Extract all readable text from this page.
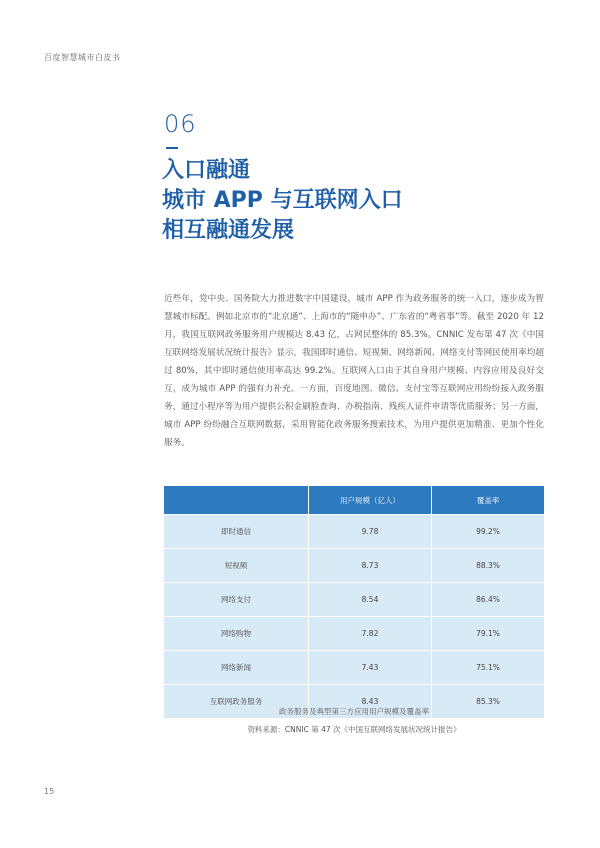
百度智慧城市白皮书
06
入口融通
城市 APP 与互联网入口
相互融通发展
近些年，党中央、国务院大力推进数字中国建设，城市 APP 作为政务服务的统一入口，逐步成为智慧城市标配。例如北京市的“北京通”、上海市的“随申办”、广东省的“粤省事”等。截至 2020 年 12 月，我国互联网政务服务用户规模达 8.43 亿，占网民整体的 85.3%。CNNIC 发布第 47 次《中国互联网络发展状况统计报告》显示，我国即时通信、短视频、网络新闻、网络支付等网民使用率均超过 80%，其中即时通信使用率高达 99.2%。互联网入口由于其自身用户规模、内容应用及良好交互，成为城市 APP 的强有力补充。一方面，百度地图、微信、支付宝等互联网应用纷纷接入政务服务，通过小程序等为用户提供公积金刷脸查询、办税指南、残疾人证件申请等优质服务；另一方面，城市 APP 纷纷融合互联网数据，采用智能化政务服务搜索技术，为用户提供更加精准、更加个性化服务。
	用户规模（亿人）	覆盖率
即时通信	9.78	99.2%
短视频	8.73	88.3%
网络支付	8.54	86.4%
网络购物	7.82	79.1%
网络新闻	7.43	75.1%
互联网政务服务	8.43	85.3%
政务服务及典型第三方应用用户规模及覆盖率
资料来源：CNNIC 第 47 次《中国互联网络发展状况统计报告》
15
